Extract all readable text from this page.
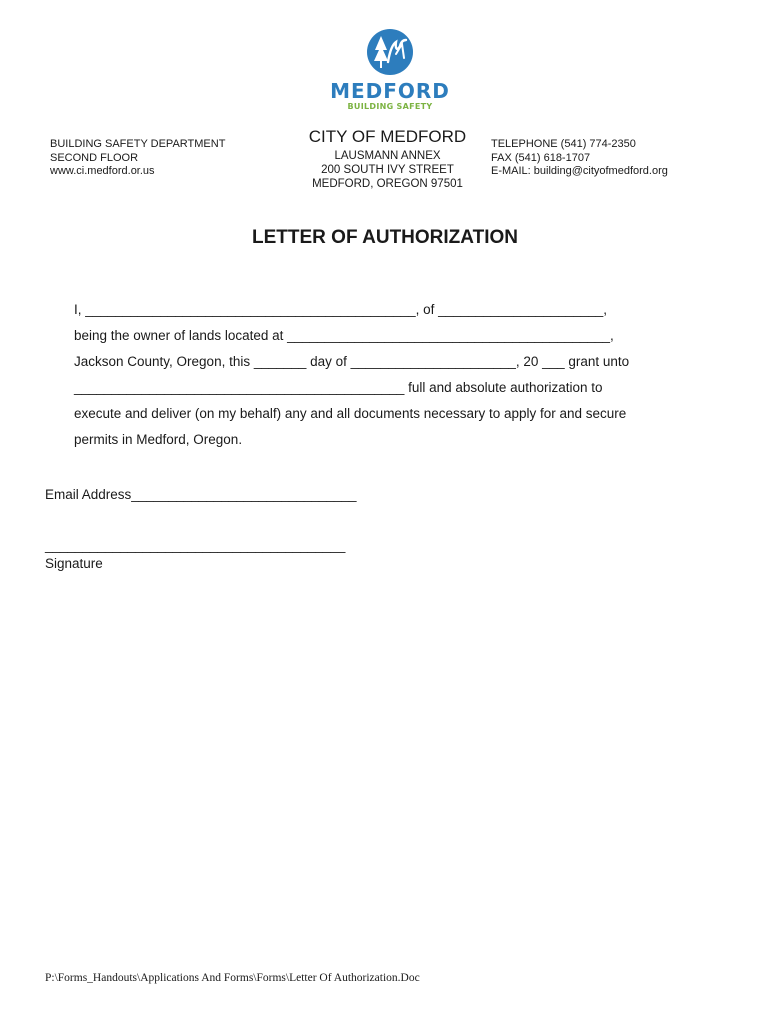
MEDFORD
BUILDING SAFETY
BUILDING SAFETY DEPARTMENT
SECOND FLOOR
www.ci.medford.or.us
CITY OF MEDFORD
LAUSMANN ANNEX
200 SOUTH IVY STREET
MEDFORD, OREGON 97501
TELEPHONE (541) 774-2350
FAX (541) 618-1707
E-MAIL: building@cityofmedford.org
LETTER OF AUTHORIZATION
I, ____________________________________________, of ______________________,
being the owner of lands located at ___________________________________________,
Jackson County, Oregon, this _______ day of ______________________, 20 ___ grant unto
____________________________________________ full and absolute authorization to
execute and deliver (on my behalf) any and all documents necessary to apply for and secure
permits in Medford, Oregon.
Email Address______________________________
________________________________________
Signature
P:\Forms_Handouts\Applications And Forms\Forms\Letter Of Authorization.Doc
